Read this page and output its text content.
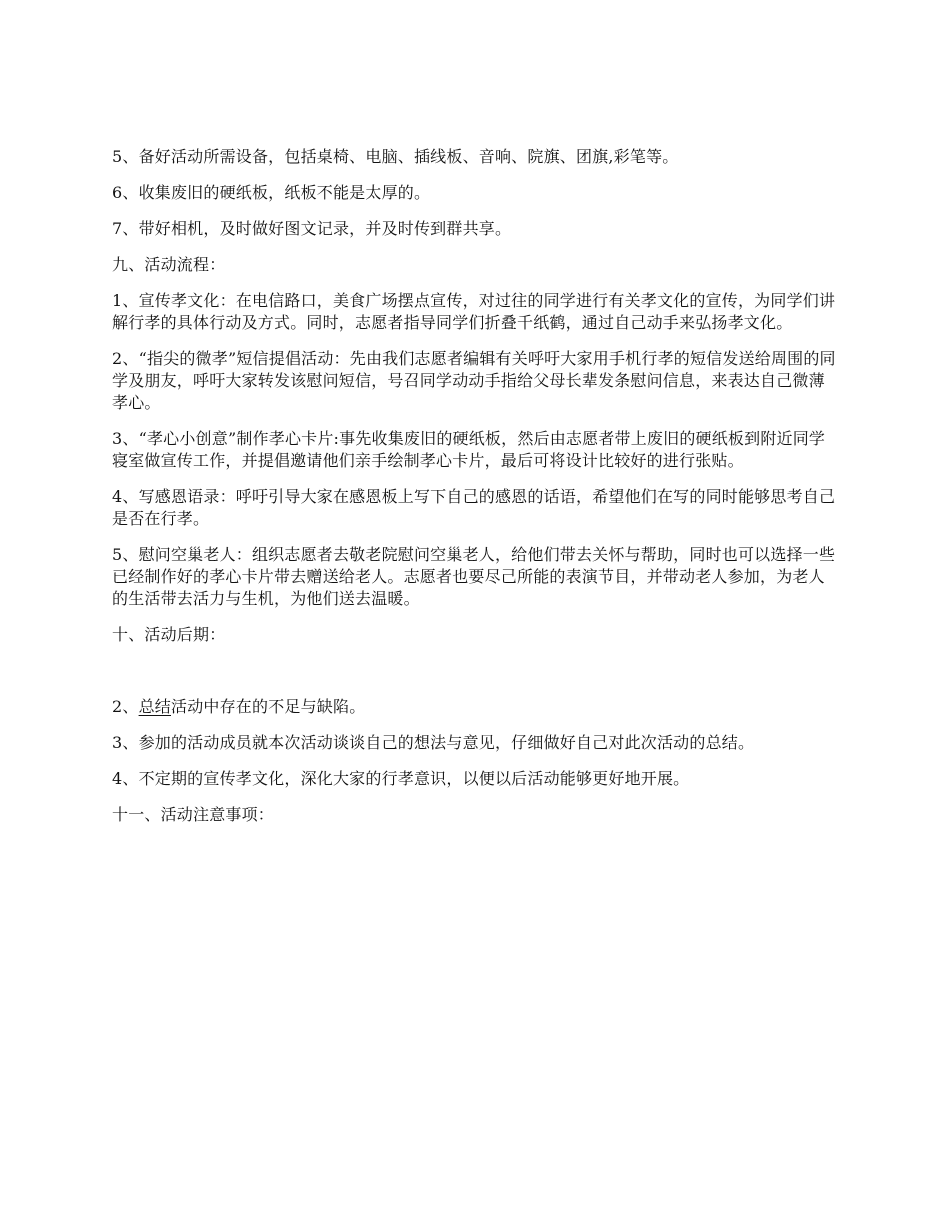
5、备好活动所需设备，包括桌椅、电脑、插线板、音响、院旗、团旗,彩笔等。

6、收集废旧的硬纸板，纸板不能是太厚的。

7、带好相机，及时做好图文记录，并及时传到群共享。

九、活动流程：

1、宣传孝文化：在电信路口，美食广场摆点宣传，对过往的同学进行有关孝文化的宣传，为同学们讲解行孝的具体行动及方式。同时，志愿者指导同学们折叠千纸鹤，通过自己动手来弘扬孝文化。

2、“指尖的微孝”短信提倡活动：先由我们志愿者编辑有关呼吁大家用手机行孝的短信发送给周围的同学及朋友，呼吁大家转发该慰问短信，号召同学动动手指给父母长辈发条慰问信息，来表达自己微薄孝心。

3、“孝心小创意”制作孝心卡片:事先收集废旧的硬纸板，然后由志愿者带上废旧的硬纸板到附近同学寝室做宣传工作，并提倡邀请他们亲手绘制孝心卡片，最后可将设计比较好的进行张贴。

4、写感恩语录：呼吁引导大家在感恩板上写下自己的感恩的话语，希望他们在写的同时能够思考自己是否在行孝。

5、慰问空巢老人：组织志愿者去敬老院慰问空巢老人，给他们带去关怀与帮助，同时也可以选择一些已经制作好的孝心卡片带去赠送给老人。志愿者也要尽己所能的表演节目，并带动老人参加，为老人的生活带去活力与生机，为他们送去温暖。

十、活动后期：

2、总结活动中存在的不足与缺陷。

3、参加的活动成员就本次活动谈谈自己的想法与意见，仔细做好自己对此次活动的总结。

4、不定期的宣传孝文化，深化大家的行孝意识，以便以后活动能够更好地开展。

十一、活动注意事项：
